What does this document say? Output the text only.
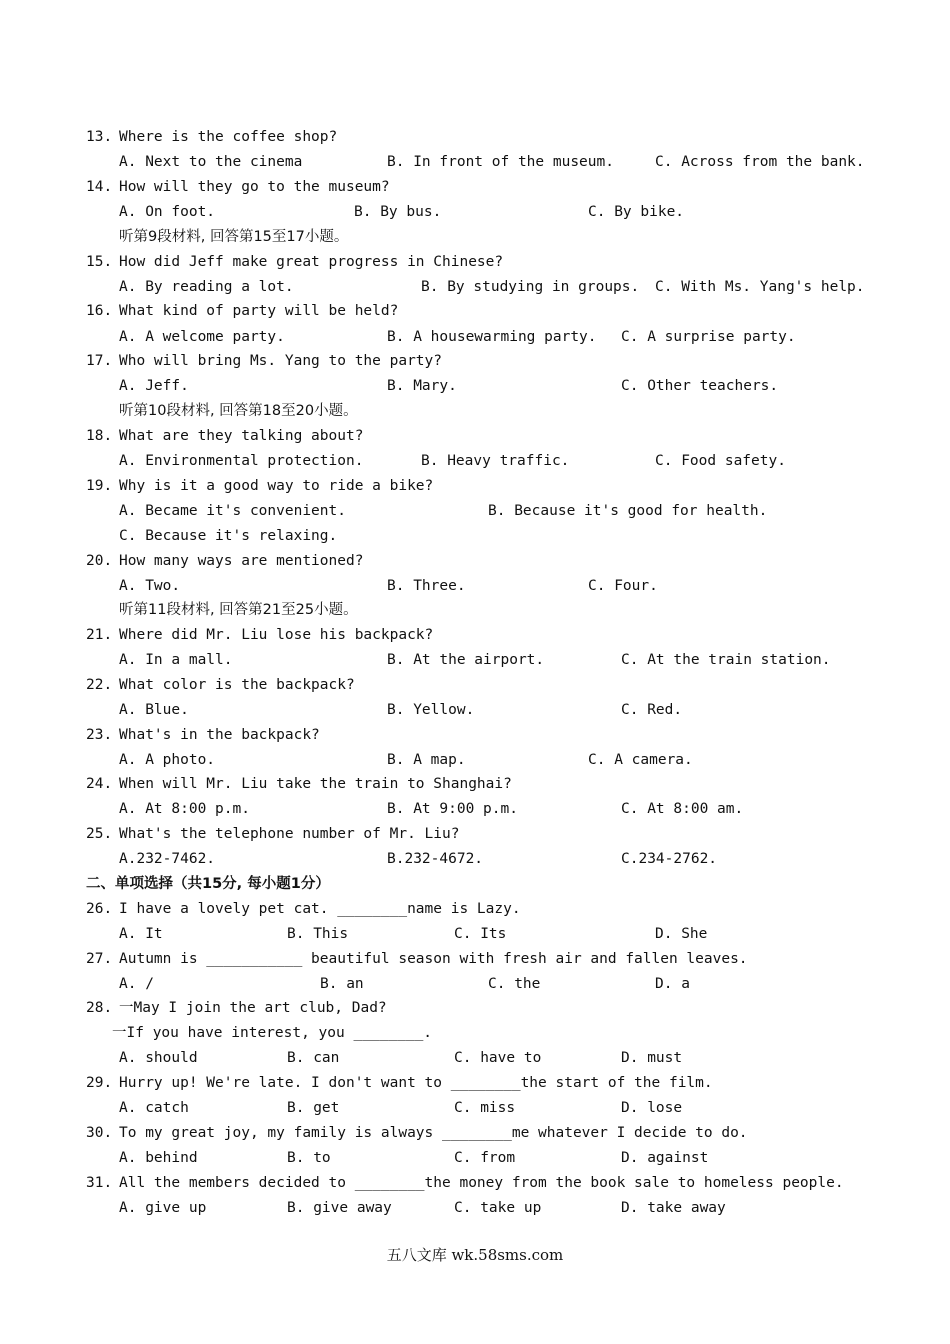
13. Where is the coffee shop?
A. Next to the cinema	B. In front of the museum.	C. Across from the bank.
14. How will they go to the museum?
A. On foot.	B. By bus.	C. By bike.
听第9段材料, 回答第15至17小题。
15. How did Jeff make great progress in Chinese?
A. By reading a lot.	B. By studying in groups. C. With Ms. Yang's help.
16. What kind of party will be held?
A. A welcome party.	B. A housewarming party. C. A surprise party.
17. Who will bring Ms. Yang to the party?
A. Jeff.	B. Mary.	C. Other teachers.
听第10段材料, 回答第18至20小题。
18. What are they talking about?
A. Environmental protection.	B. Heavy traffic.	C. Food safety.
19. Why is it a good way to ride a bike?
A. Became it's convenient.	B. Because it's good for health.
C. Because it's relaxing.
20. How many ways are mentioned?
A. Two.	B. Three.	C. Four.
听第11段材料, 回答第21至25小题。
21. Where did Mr. Liu lose his backpack?
A. In a mall.	B. At the airport.	C. At the train station.
22. What color is the backpack?
A. Blue.	B. Yellow.	C. Red.
23. What's in the backpack?
A. A photo.	B. A map.	C. A camera.
24. When will Mr. Liu take the train to Shanghai?
A. At 8:00 p.m.	B. At 9:00 p.m.	C. At 8:00 am.
25. What's the telephone number of Mr. Liu?
A.232-7462.	B.232-4672.	C.234-2762.
二、单项选择（共15分, 每小题1分）
26. I have a lovely pet cat. ________name is Lazy.
A. It	B. This	C. Its	D. She
27. Autumn is ___________ beautiful season with fresh air and fallen leaves.
A. /	B. an	C. the	D. a
28. 一May I join the art club, Dad?
一If you have interest, you ________.
A. should	B. can	C. have to	D. must
29. Hurry up! We're late. I don't want to ________the start of the film.
A. catch	B. get	C. miss	D. lose
30. To my great joy, my family is always ________me whatever I decide to do.
A. behind	B. to	C. from	D. against
31. All the members decided to ________the money from the book sale to homeless people.
A. give up	B. give away	C. take up	D. take away
五八文库 wk.58sms.com
